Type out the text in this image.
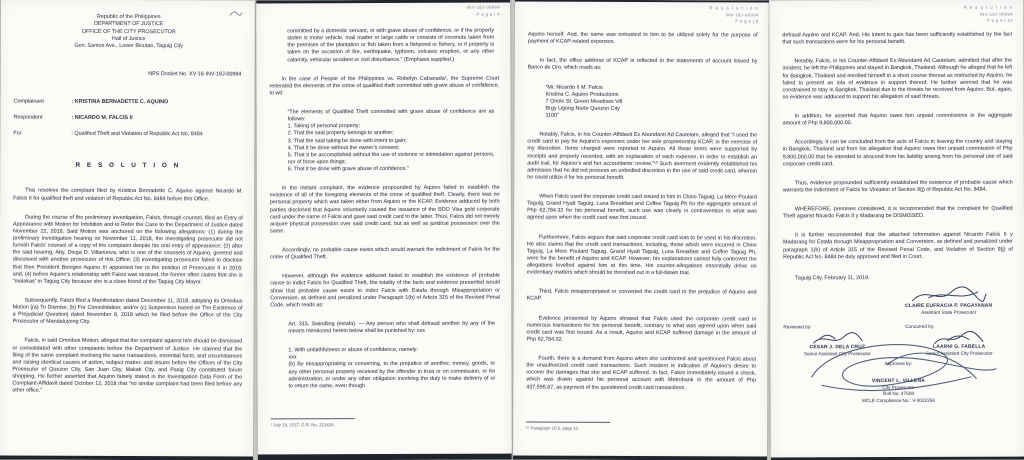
Republic of the Philippines
DEPARTMENT OF JUSTICE
OFFICE OF THE CITY PROSECUTOR
Hall of Justice
Gen. Santos Ave., Lower Bicutan, Taguig City
NPS Docket No. XV-16-INV-18J-00994
Complainant	: KRISTINA BERNADETTE C. AQUINO
Respondent	: NICARDO M. FALCIS II
For	: Qualified Theft and Violation of Republic Act No. 8484
R E S O L U T I O N
This resolves the complaint filed by Kristina Bernadette C. Aquino against Nicardo M. Falcis II for qualified theft and violation of Republic Act No. 8484 before this Office.
During the course of the preliminary investigation, Falcis, through counsel, filed an Entry of Appearance with Motion for Inhibition and to Refer the Case to the Department of Justice dated November 22, 2018. Said Motion was anchored on the following allegations: (1) during the preliminary investigation hearing on November 11, 2018, the investigating prosecutor did not furnish Falcis’ counsel of a copy of the complaint despite his oral entry of appearance; (2) after the said hearing, Atty. Diega D. Villanueva, who is one of the counsels of Aquino, greeted and discussed with another prosecutor of this Office; (3) investigating prosecutor failed to disclose that then President Benigno Aquino III appointed her to the position of Prosecutor II in 2016; and, (4) before Aquino’s relationship with Falcis was strained, the former often claims that she is “malakas” in Taguig City because she is a close friend of the Taguig City Mayor.
Subsequently, Falcis filed a Manifestation dated December 11, 2018, adopting its Omnibus Motion [(a) To Dismiss; (b) For Consolidation; and/or (c) Suspension based on The Existence of a Prejudicial Question] dated November 8, 2018 which he filed before the Office of the City Prosecutor of Mandaluyong City.
Falcis, in said Omnibus Motion, alleged that the complaint against him should be dismissed or consolidated with other complaints before the Department of Justice. He claimed that the filing of the same complaint involving the same transactions, essential facts, and circumstances and raising identical causes of action, subject matter, and issues before the Offices of the City Prosecutor of Quezon City, San Juan City, Makati City, and Pasig City constituted forum shopping. He further asserted that Aquino falsely stated in the Investigation Data Form of the Complaint-Affidavit dated October 12, 2018 that “no similar complaint had been filed before any other office.”
INV-18J-00994
P a g e | 4
committed by a domestic servant, or with grave abuse of confidence, or if the property stolen is motor vehicle, mail matter or large cattle or consists of coconuts taken from the premises of the plantation or fish taken from a fishpond or fishery, or if property is taken on the occasion of fire, earthquake, typhoon, volcanic eruption, or any other calamity, vehicular accident or civil disturbance.” (Emphasis supplied.)
In the case of People of the Philippines vs. Robelyn Cabanada¹, the Supreme Court reiterated the elements of the crime of qualified theft committed with grave abuse of confidence, to wit:
“The elements of Qualified Theft committed with grave abuse of confidence are as follows:
1. Taking of personal property;
2. That the said property belongs to another;
3. That the said taking be done with intent to gain;
4. That it be done without the owner’s consent;
5. That it be accomplished without the use of violence or intimidation against persons, nor of force upon things;
6. That it be done with grave abuse of confidence.”
In the instant complaint, the evidence propounded by Aquino failed to establish the existence of all of the foregoing elements of the crime of qualified theft. Clearly, there was no personal property which was taken either from Aquino or the KCAP. Evidence adduced by both parties disclosed that Aquino voluntarily caused the issuance of the BDO Visa gold corporate card under the name of Falcis and gave said credit card to the latter. Thus, Falcis did not merely acquire physical possession over said credit card, but as well as juridical possession over the same.
Accordingly, no probable cause exists which would warrant the indictment of Falcis for the crime of Qualified Theft.
However, although the evidence adduced failed to establish the existence of probable cause to indict Falcis for Qualified Theft, the totality of the facts and evidence presented would show that probable cause exists to indict Falcis with Estafa through Misappropriation or Conversion, as defined and penalized under Paragraph 1(b) of Article 315 of the Revised Penal Code, which reads as:
Art. 315. Swindling (estafa). — Any person who shall defraud another by any of the means mentioned herein below shall be punished by: xxx
1. With unfaithfulness or abuse of confidence, namely:
xxx
(b) By misappropriating or converting, to the prejudice of another, money, goods, or any other personal property received by the offender in trust or on commission, or for administration, or under any other obligation involving the duty to make delivery of or to return the same, even though
¹ July 19, 2017, G.R. No. 221424.
R e s o l u t i o n
INV-18J-00994
P a g e | 8
Aquino herself. And, the same was entrusted to him to be utilized solely for the purpose of payment of KCAP-related expenses.
In fact, the office address of KCAP is reflected in the statements of account issued by Banco de Oro, which reads as:
“Mr. Nicardo II M. Falcis
Kristina C. Aquino Productions
7 Oriole St. Green Meadows Vill
Brgy Ugong Norte Quezon City
1100”
Notably, Falcis, in his Counter-Affidavit Ex Abundanti Ad Cautelam, alleged that “I used the credit card to pay for Aquino’s expenses under her sole proprietorship KCAP, in the exercise of my discretion. Items charged were reported to Aquino. All those items were supported by receipts and properly recorded, with an explanation of each expense, in order to establish an audit trail, for Aquino’s and her accountants’ review.”¹⁰ Such averment evidently established his admission that he did not possess an unbridled discretion in the use of said credit card, wherein he could utilize it for his personal benefit.
When Falcis used the corporate credit card issued to him in Chino Taguig, La Mere Poulard Taguig, Grand Hyatt Taguig, Luna Breakfast and Coffee Taguig Ph for the aggregate amount of Php 62,784.32 for his personal benefit, such use was clearly in contravention to what was agreed upon when the credit card was first issued.
Furthermore, Falcis argues that said corporate credit card was to be used in his discretion. He also claims that the credit card transactions, including, those which were incurred in Chino Taguig, La Mere Poulard Taguig, Grand Hyatt Taguig, Luna Breakfast and Coffee Taguig Ph, were for the benefit of Aquino and KCAP. However, his explanations cannot fully controvert the allegations levelled against him at this time. His counter-allegations essentially delve on evidentiary matters which should be threshed out in a full-blown trial.
Third, Falcis misappropriated or converted the credit card to the prejudice of Aquino and KCAP.
Evidence presented by Aquino showed that Falcis used the corporate credit card in numerous transactions for his personal benefit, contrary to what was agreed upon when said credit card was first issued. As a result, Aquino and KCAP suffered damage in the amount of Php 62,784.32.
Fourth, there is a demand from Aquino when she confronted and questioned Falcis about the unauthorized credit card transactions. Such incident is indicative of Aquino’s desire to recover the damages that she and KCAP suffered. In fact, Falcis immediately issued a check, which was drawn against his personal account with Metrobank in the amount of Php 437,595.67, as payment of the questioned credit card transactions.
¹⁰ Paragraph 10.b, page 13
R e s o l u t i o n
INV-18J-00994
P a g e | 10
defraud Aquino and KCAP. And, His intent to gain has been sufficiently established by the fact that such transactions were for his personal benefit.
Notably, Falcis, in his Counter-Affidavit Ex Abundanti Ad Cautelam, admitted that after the incident, he left the Philippines and stayed in Bangkok, Thailand. Although he alleged that he left for Bangkok, Thailand and enrolled himself in a short course thereat as instructed by Aquino, he failed to present an iota of evidence in support thereof. He further averred that he was constrained to stay in Bangkok, Thailand due to the threats he received from Aquino. But, again, no evidence was adduced to support his allegation of said threats.
In addition, he asserted that Aquino owes him unpaid commissions in the aggregate amount of Php 9,800,000.00.
Accordingly, it can be concluded from the acts of Falcis in leaving the country and staying in Bangkok, Thailand and from his allegation that Aquino owes him unpaid commission of Php 9,800,000.00 that he intended to abscond from his liability arising from his personal use of said corporate credit card.
Thus, evidence propounded sufficiently established the existence of probable cause which warrants the indictment of Falcis for Violation of Section 9(j) of Republic Act No. 8484.
WHEREFORE, premises considered, it is recommended that the complaint for Qualified Theft against Nicardo Falcis II y Madarang be DISMISSED.
It is further recommended that the attached Information against Nicardo Falcis II y Madarang for Estafa through Misappropriation and Conversion, as defined and penalized under paragraph 1(b) of Article 315 of the Revised Penal Code, and Violation of Section 9(j) of Republic Act No. 8484 be duly approved and filed in Court.
Taguig City, February 11, 2019.
CLAIRE EUFRACIA P. PAGAYANAN
Assistant State Prosecutor
Reviewed by:
CESAR J. DELA CRUZ
Senior Assistant City Prosecutor
Concurred by:
LAARNI G. FABELLA
Senior Assistant City Prosecutor
Approved by:
VINCENT L. VILLENA
City Prosecutor
Roll No. 47508
MCLE Compliance No.: V-0022356
